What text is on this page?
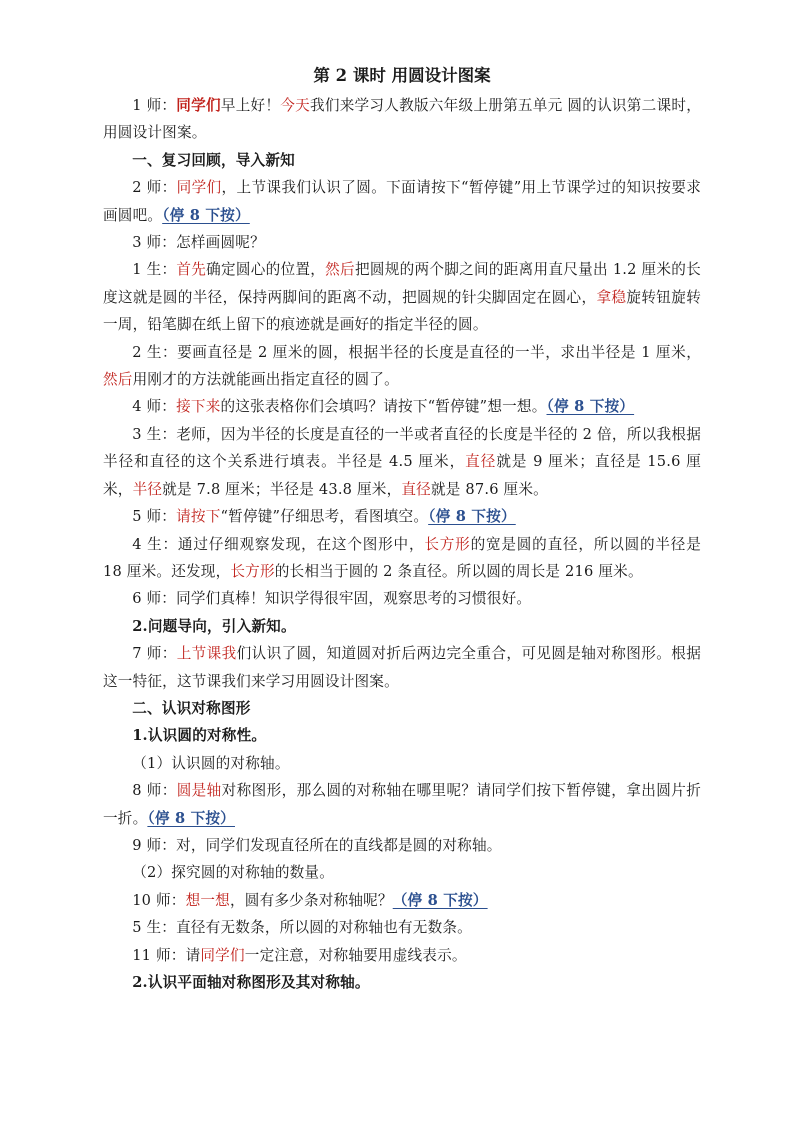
第 2 课时 用圆设计图案

1 师：同学们早上好！今天我们来学习人教版六年级上册第五单元 圆的认识第二课时，用圆设计图案。

一、复习回顾，导入新知

2 师：同学们，上节课我们认识了圆。下面请按下“暂停键”用上节课学过的知识按要求画圆吧。（停 8 下按）

3 师：怎样画圆呢？

1 生：首先确定圆心的位置，然后把圆规的两个脚之间的距离用直尺量出 1.2 厘米的长度这就是圆的半径，保持两脚间的距离不动，把圆规的针尖脚固定在圆心，拿稳旋转钮旋转一周，铅笔脚在纸上留下的痕迹就是画好的指定半径的圆。

2 生：要画直径是 2 厘米的圆，根据半径的长度是直径的一半，求出半径是 1 厘米，然后用刚才的方法就能画出指定直径的圆了。

4 师：接下来的这张表格你们会填吗？请按下“暂停键”想一想。（停 8 下按）

3 生：老师，因为半径的长度是直径的一半或者直径的长度是半径的 2 倍，所以我根据半径和直径的这个关系进行填表。半径是 4.5 厘米，直径就是 9 厘米；直径是 15.6 厘米，半径就是 7.8 厘米；半径是 43.8 厘米，直径就是 87.6 厘米。

5 师：请按下“暂停键”仔细思考，看图填空。（停 8 下按）

4 生：通过仔细观察发现，在这个图形中，长方形的宽是圆的直径，所以圆的半径是 18 厘米。还发现，长方形的长相当于圆的 2 条直径。所以圆的周长是 216 厘米。

6 师：同学们真棒！知识学得很牢固，观察思考的习惯很好。

2.问题导向，引入新知。

7 师：上节课我们认识了圆，知道圆对折后两边完全重合，可见圆是轴对称图形。根据这一特征，这节课我们来学习用圆设计图案。

二、认识对称图形

1.认识圆的对称性。

（1）认识圆的对称轴。

8 师：圆是轴对称图形，那么圆的对称轴在哪里呢？请同学们按下暂停键，拿出圆片折一折。（停 8 下按）

9 师：对，同学们发现直径所在的直线都是圆的对称轴。

（2）探究圆的对称轴的数量。

10 师：想一想，圆有多少条对称轴呢？（停 8 下按）

5 生：直径有无数条，所以圆的对称轴也有无数条。

11 师：请同学们一定注意，对称轴要用虚线表示。

2.认识平面轴对称图形及其对称轴。
